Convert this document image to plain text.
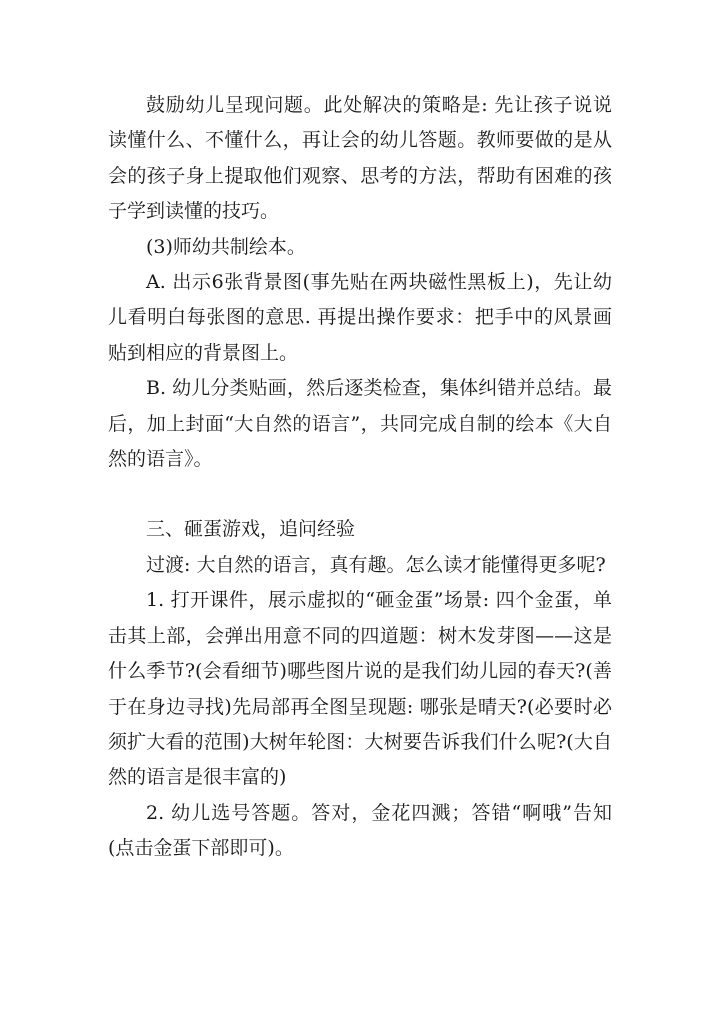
鼓励幼儿呈现问题。此处解决的策略是: 先让孩子说说读懂什么、不懂什么，再让会的幼儿答题。教师要做的是从会的孩子身上提取他们观察、思考的方法，帮助有困难的孩子学到读懂的技巧。

(3)师幼共制绘本。

A. 出示6张背景图(事先贴在两块磁性黑板上)，先让幼儿看明白每张图的意思. 再提出操作要求：把手中的风景画贴到相应的背景图上。

B. 幼儿分类贴画，然后逐类检查，集体纠错并总结。最后，加上封面“大自然的语言”，共同完成自制的绘本《大自然的语言》。

三、砸蛋游戏，追问经验

过渡: 大自然的语言，真有趣。怎么读才能懂得更多呢?

1. 打开课件，展示虚拟的“砸金蛋”场景: 四个金蛋，单击其上部，会弹出用意不同的四道题：树木发芽图——这是什么季节?(会看细节)哪些图片说的是我们幼儿园的春天?(善于在身边寻找)先局部再全图呈现题: 哪张是晴天?(必要时必须扩大看的范围)大树年轮图：大树要告诉我们什么呢?(大自然的语言是很丰富的)

2. 幼儿选号答题。答对，金花四溅；答错“啊哦”告知(点击金蛋下部即可)。
